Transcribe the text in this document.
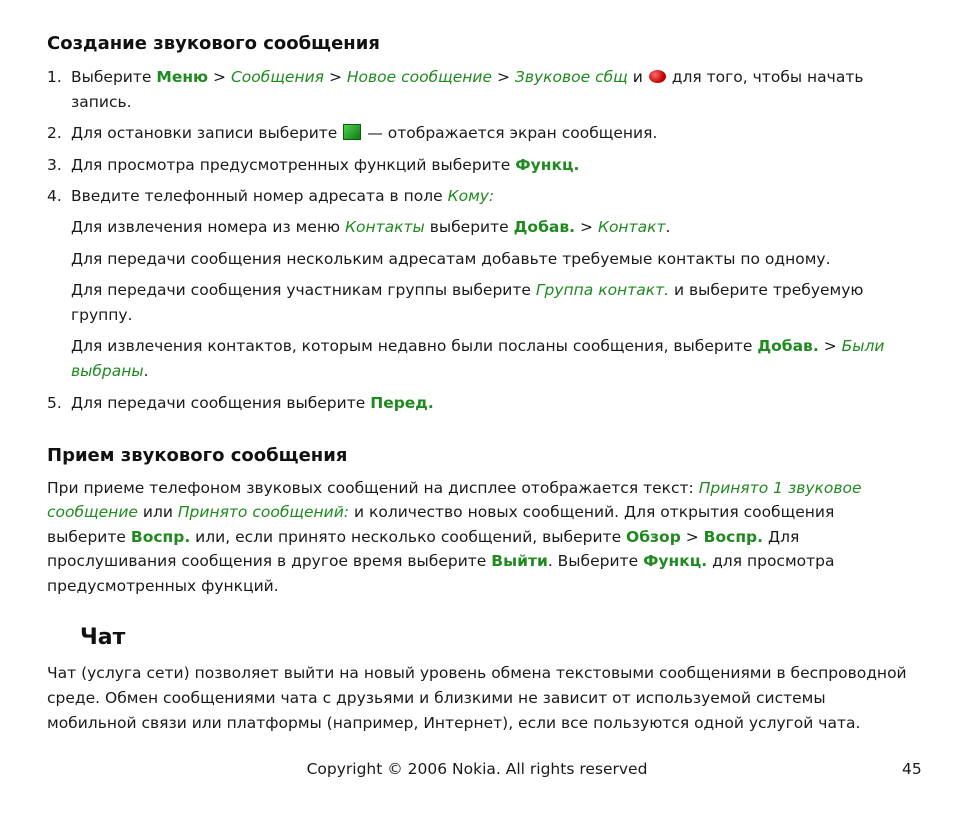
Создание звукового сообщения
1. Выберите Меню > Сообщения > Новое сообщение > Звуковое сбщ и для того, чтобы начать

запись.

2. Для остановки записи выберите — отображается экран сообщения.

3. Для просмотра предусмотренных функций выберите Функц.

4. Введите телефонный номер адресата в поле Кому:

Для извлечения номера из меню Контакты выберите Добав. > Контакт.

Для передачи сообщения нескольким адресатам добавьте требуемые контакты по одному.

Для передачи сообщения участникам группы выберите Группа контакт. и выберите требуемую

группу.

Для извлечения контактов, которым недавно были посланы сообщения, выберите Добав. > Были

выбраны.

5. Для передачи сообщения выберите Перед.

Прием звукового сообщения

При приеме телефоном звуковых сообщений на дисплее отображается текст: Принято 1 звуковое

сообщение или Принято сообщений: и количество новых сообщений. Для открытия сообщения

выберите Воспр. или, если принято несколько сообщений, выберите Обзор > Воспр. Для

прослушивания сообщения в другое время выберите Выйти. Выберите Функц. для просмотра

предусмотренных функций.

Чат

Чат (услуга сети) позволяет выйти на новый уровень обмена текстовыми сообщениями в беспроводной

среде. Обмен сообщениями чата с друзьями и близкими не зависит от используемой системы

мобильной связи или платформы (например, Интернет), если все пользуются одной услугой чата.

Copyright © 2006 Nokia. All rights reserved	45
